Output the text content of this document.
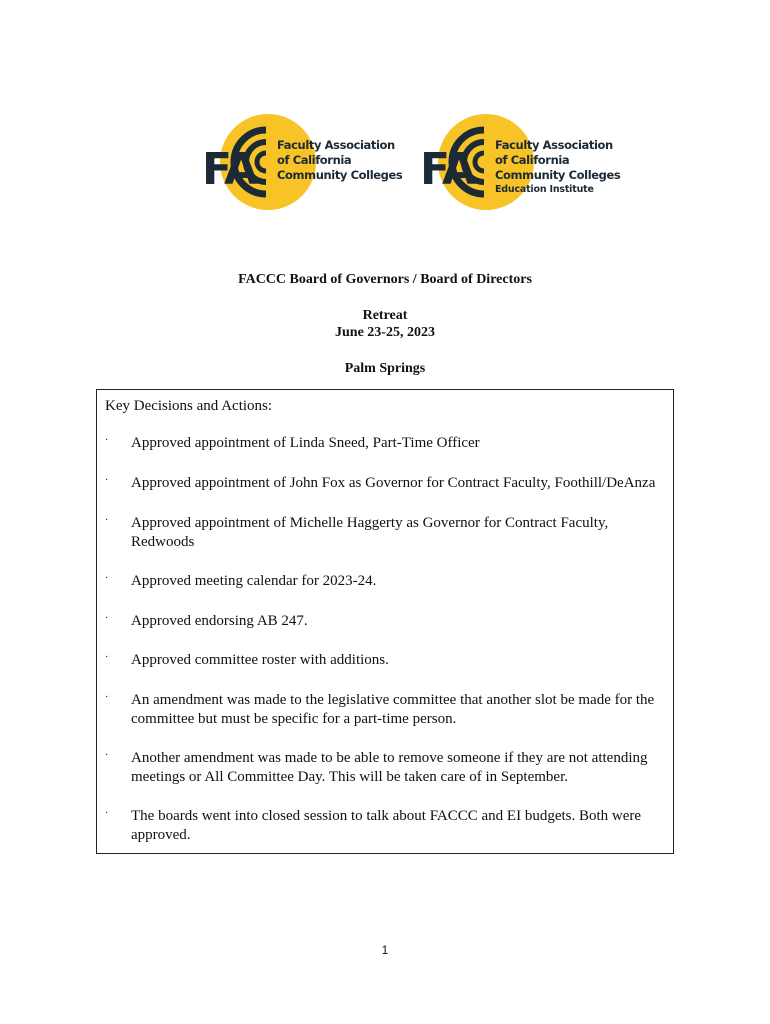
FA Faculty Association
of California
Community Colleges FA Faculty Association
of California
Community Colleges
Education Institute
FACCC Board of Governors / Board of Directors
Retreat
June 23-25, 2023
Palm Springs
Key Decisions and Actions:
· Approved appointment of Linda Sneed, Part-Time Officer
· Approved appointment of John Fox as Governor for Contract Faculty, Foothill/DeAnza
· Approved appointment of Michelle Haggerty as Governor for Contract Faculty, Redwoods
· Approved meeting calendar for 2023-24.
· Approved endorsing AB 247.
· Approved committee roster with additions.
· An amendment was made to the legislative committee that another slot be made for the committee but must be specific for a part-time person.
· Another amendment was made to be able to remove someone if they are not attending meetings or All Committee Day. This will be taken care of in September.
· The boards went into closed session to talk about FACCC and EI budgets. Both were approved.
1
